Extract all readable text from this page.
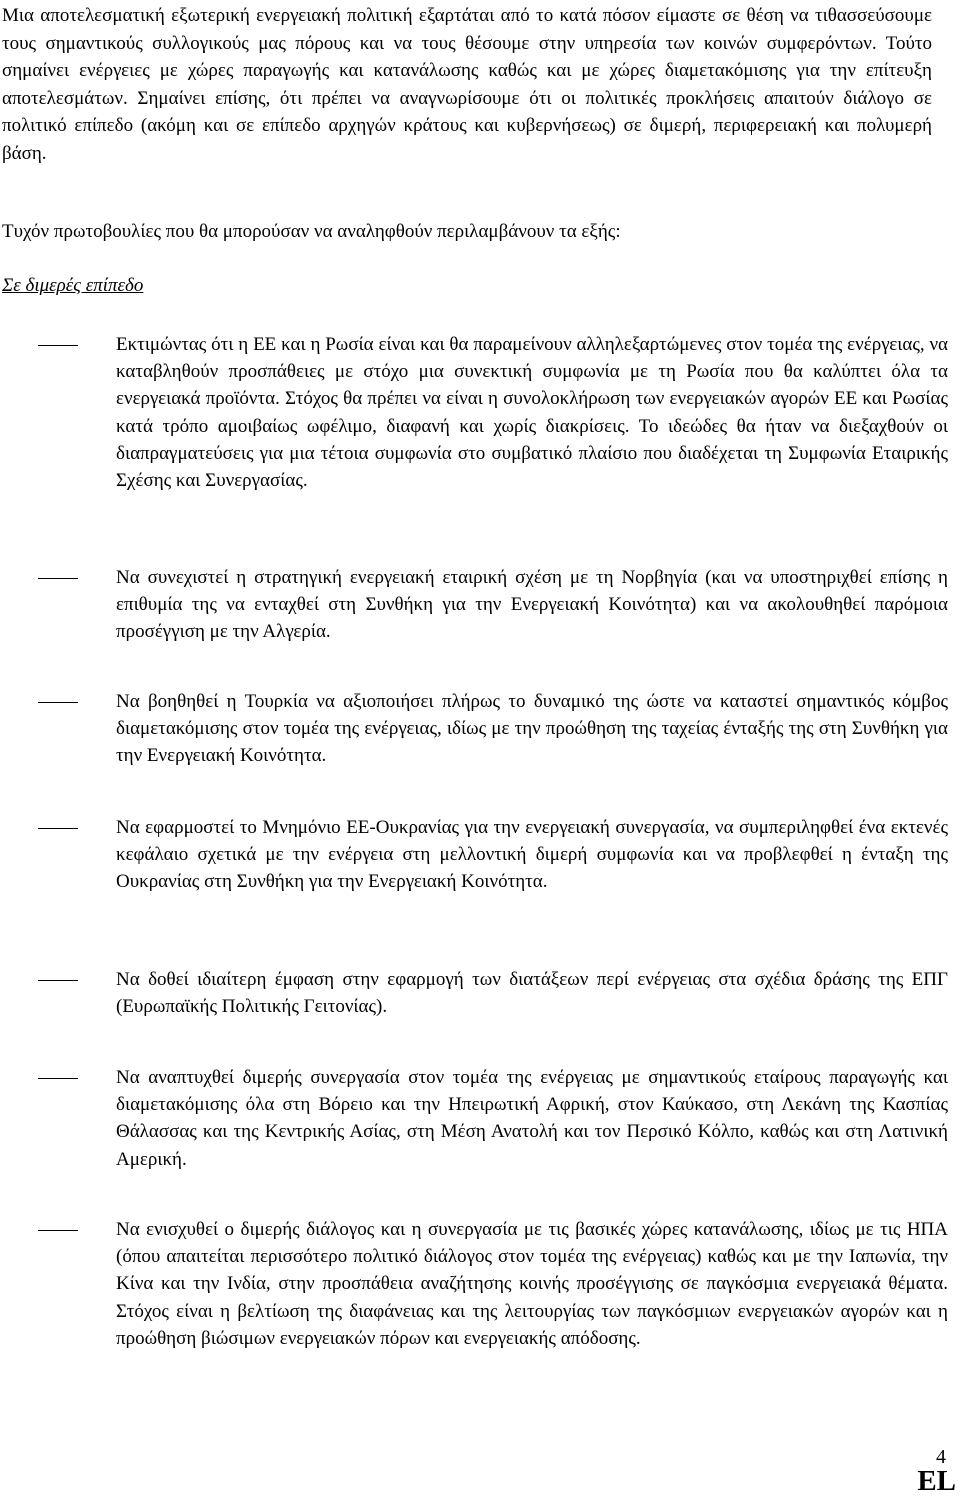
Μια αποτελεσματική εξωτερική ενεργειακή πολιτική εξαρτάται από το κατά πόσον είμαστε σε θέση να τιθασσεύσουμε τους σημαντικούς συλλογικούς μας πόρους και να τους θέσουμε στην υπηρεσία των κοινών συμφερόντων. Τούτο σημαίνει ενέργειες με χώρες παραγωγής και κατανάλωσης καθώς και με χώρες διαμετακόμισης για την επίτευξη αποτελεσμάτων. Σημαίνει επίσης, ότι πρέπει να αναγνωρίσουμε ότι οι πολιτικές προκλήσεις απαιτούν διάλογο σε πολιτικό επίπεδο (ακόμη και σε επίπεδο αρχηγών κράτους και κυβερνήσεως) σε διμερή, περιφερειακή και πολυμερή βάση.

Τυχόν πρωτοβουλίες που θα μπορούσαν να αναληφθούν περιλαμβάνουν τα εξής:

Σε διμερές επίπεδο

Εκτιμώντας ότι η ΕΕ και η Ρωσία είναι και θα παραμείνουν αλληλεξαρτώμενες στον τομέα της ενέργειας, να καταβληθούν προσπάθειες με στόχο μια συνεκτική συμφωνία με τη Ρωσία που θα καλύπτει όλα τα ενεργειακά προϊόντα. Στόχος θα πρέπει να είναι η συνολοκλήρωση των ενεργειακών αγορών ΕΕ και Ρωσίας κατά τρόπο αμοιβαίως ωφέλιμο, διαφανή και χωρίς διακρίσεις. Το ιδεώδες θα ήταν να διεξαχθούν οι διαπραγματεύσεις για μια τέτοια συμφωνία στο συμβατικό πλαίσιο που διαδέχεται τη Συμφωνία Εταιρικής Σχέσης και Συνεργασίας.

Να συνεχιστεί η στρατηγική ενεργειακή εταιρική σχέση με τη Νορβηγία (και να υποστηριχθεί επίσης η επιθυμία της να ενταχθεί στη Συνθήκη για την Ενεργειακή Κοινότητα) και να ακολουθηθεί παρόμοια προσέγγιση με την Αλγερία.

Να βοηθηθεί η Τουρκία να αξιοποιήσει πλήρως το δυναμικό της ώστε να καταστεί σημαντικός κόμβος διαμετακόμισης στον τομέα της ενέργειας, ιδίως με την προώθηση της ταχείας ένταξής της στη Συνθήκη για την Ενεργειακή Κοινότητα.

Να εφαρμοστεί το Μνημόνιο ΕΕ-Ουκρανίας για την ενεργειακή συνεργασία, να συμπεριληφθεί ένα εκτενές κεφάλαιο σχετικά με την ενέργεια στη μελλοντική διμερή συμφωνία και να προβλεφθεί η ένταξη της Ουκρανίας στη Συνθήκη για την Ενεργειακή Κοινότητα.

Να δοθεί ιδιαίτερη έμφαση στην εφαρμογή των διατάξεων περί ενέργειας στα σχέδια δράσης της ΕΠΓ (Ευρωπαϊκής Πολιτικής Γειτονίας).

Να αναπτυχθεί διμερής συνεργασία στον τομέα της ενέργειας με σημαντικούς εταίρους παραγωγής και διαμετακόμισης όλα στη Βόρειο και την Ηπειρωτική Αφρική, στον Καύκασο, στη Λεκάνη της Κασπίας Θάλασσας και της Κεντρικής Ασίας, στη Μέση Ανατολή και τον Περσικό Κόλπο, καθώς και στη Λατινική Αμερική.

Να ενισχυθεί ο διμερής διάλογος και η συνεργασία με τις βασικές χώρες κατανάλωσης, ιδίως με τις ΗΠΑ (όπου απαιτείται περισσότερο πολιτικό διάλογος στον τομέα της ενέργειας) καθώς και με την Ιαπωνία, την Κίνα και την Ινδία, στην προσπάθεια αναζήτησης κοινής προσέγγισης σε παγκόσμια ενεργειακά θέματα. Στόχος είναι η βελτίωση της διαφάνειας και της λειτουργίας των παγκόσμιων ενεργειακών αγορών και η προώθηση βιώσιμων ενεργειακών πόρων και ενεργειακής απόδοσης.

4
EL
